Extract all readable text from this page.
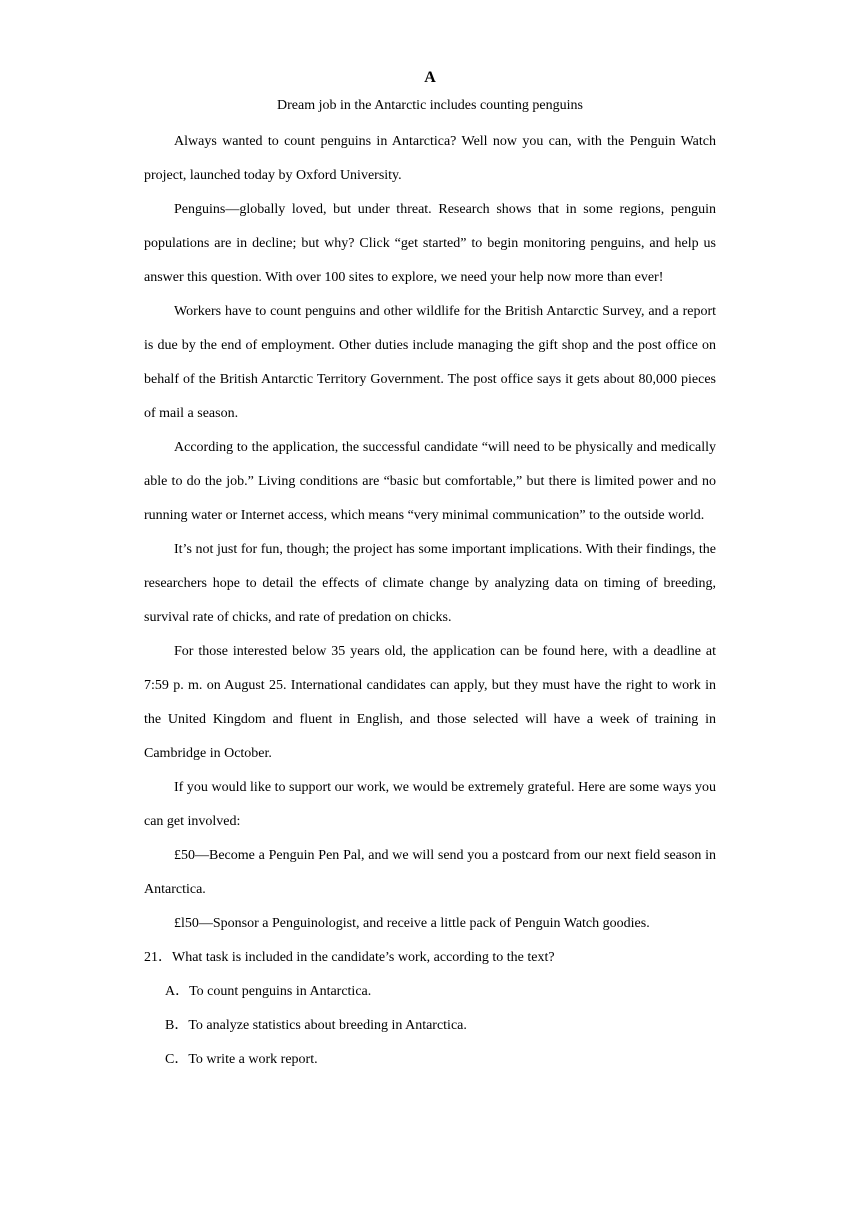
A

Dream job in the Antarctic includes counting penguins

Always wanted to count penguins in Antarctica? Well now you can, with the Penguin Watch project, launched today by Oxford University.

Penguins—globally loved, but under threat. Research shows that in some regions, penguin populations are in decline; but why? Click “get started” to begin monitoring penguins, and help us answer this question. With over 100 sites to explore, we need your help now more than ever!

Workers have to count penguins and other wildlife for the British Antarctic Survey, and a report is due by the end of employment. Other duties include managing the gift shop and the post office on behalf of the British Antarctic Territory Government. The post office says it gets about 80,000 pieces of mail a season.

According to the application, the successful candidate “will need to be physically and medically able to do the job.” Living conditions are “basic but comfortable,” but there is limited power and no running water or Internet access, which means “very minimal communication” to the outside world.

It’s not just for fun, though; the project has some important implications. With their findings, the researchers hope to detail the effects of climate change by analyzing data on timing of breeding, survival rate of chicks, and rate of predation on chicks.

For those interested below 35 years old, the application can be found here, with a deadline at 7:59 p. m. on August 25. International candidates can apply, but they must have the right to work in the United Kingdom and fluent in English, and those selected will have a week of training in Cambridge in October.

If you would like to support our work, we would be extremely grateful. Here are some ways you can get involved:

£50—Become a Penguin Pen Pal, and we will send you a postcard from our next field season in Antarctica.

£l50—Sponsor a Penguinologist, and receive a little pack of Penguin Watch goodies.

21．What task is included in the candidate’s work, according to the text?

A．To count penguins in Antarctica.

B．To analyze statistics about breeding in Antarctica.

C．To write a work report.
